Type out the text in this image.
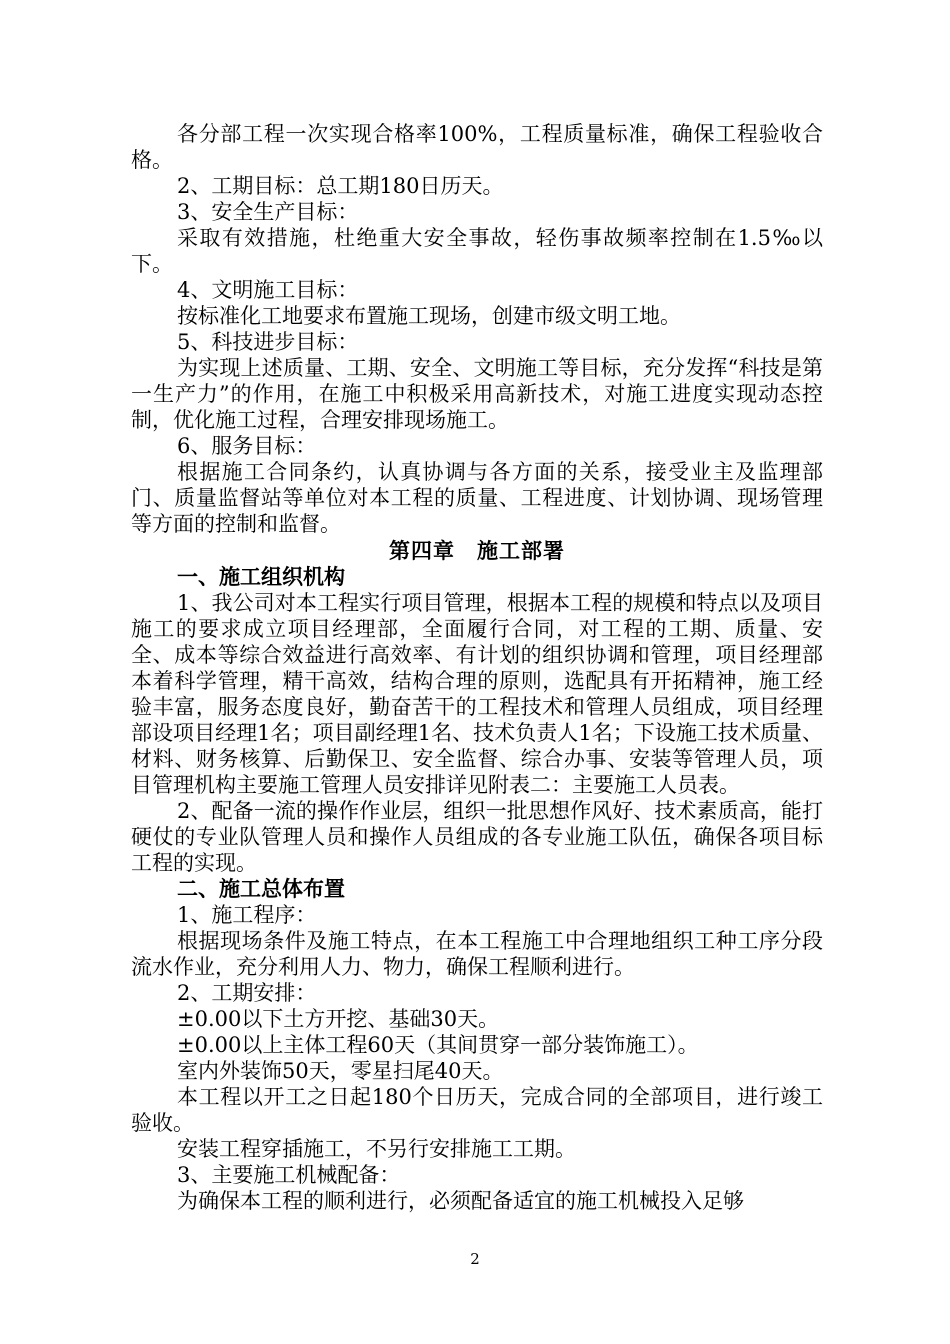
各分部工程一次实现合格率100%，工程质量标准，确保工程验收合格。

2、工期目标：总工期180日历天。

3、安全生产目标：

采取有效措施，杜绝重大安全事故，轻伤事故频率控制在1.5‰以下。

4、文明施工目标：

按标准化工地要求布置施工现场，创建市级文明工地。

5、科技进步目标：

为实现上述质量、工期、安全、文明施工等目标，充分发挥“科技是第一生产力”的作用，在施工中积极采用高新技术，对施工进度实现动态控制，优化施工过程，合理安排现场施工。

6、服务目标：

根据施工合同条约，认真协调与各方面的关系，接受业主及监理部门、质量监督站等单位对本工程的质量、工程进度、计划协调、现场管理等方面的控制和监督。

第四章　施工部署

一、施工组织机构

1、我公司对本工程实行项目管理，根据本工程的规模和特点以及项目施工的要求成立项目经理部，全面履行合同，对工程的工期、质量、安全、成本等综合效益进行高效率、有计划的组织协调和管理，项目经理部本着科学管理，精干高效，结构合理的原则，选配具有开拓精神，施工经验丰富，服务态度良好，勤奋苦干的工程技术和管理人员组成，项目经理部设项目经理1名；项目副经理1名、技术负责人1名；下设施工技术质量、材料、财务核算、后勤保卫、安全监督、综合办事、安装等管理人员，项目管理机构主要施工管理人员安排详见附表二：主要施工人员表。

2、配备一流的操作作业层，组织一批思想作风好、技术素质高，能打硬仗的专业队管理人员和操作人员组成的各专业施工队伍，确保各项目标工程的实现。

二、施工总体布置

1、施工程序：

根据现场条件及施工特点，在本工程施工中合理地组织工种工序分段流水作业，充分利用人力、物力，确保工程顺利进行。

2、工期安排：

±0.00以下土方开挖、基础30天。

±0.00以上主体工程60天（其间贯穿一部分装饰施工）。

室内外装饰50天，零星扫尾40天。

本工程以开工之日起180个日历天，完成合同的全部项目，进行竣工验收。

安装工程穿插施工，不另行安排施工工期。

3、主要施工机械配备：

为确保本工程的顺利进行，必须配备适宜的施工机械投入足够

2
